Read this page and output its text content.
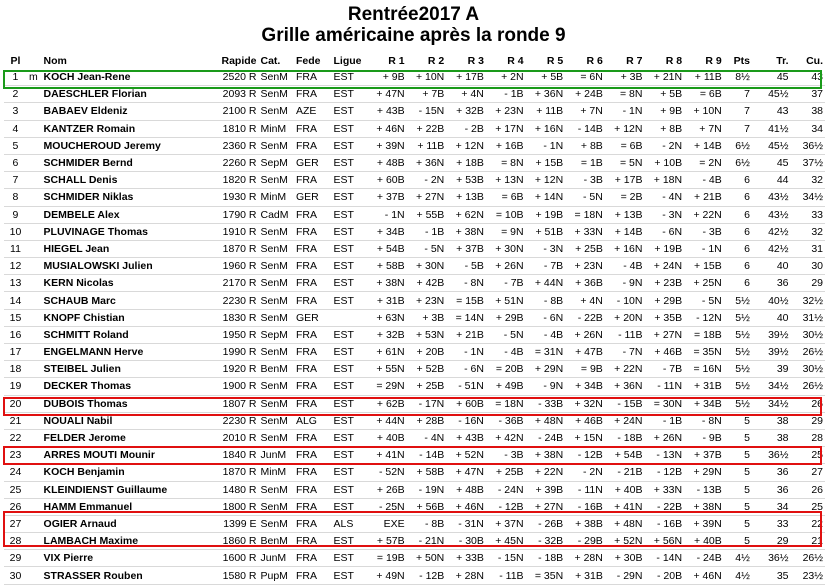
Rentrée2017 A
Grille américaine après la ronde 9
Pl		Nom	Rapide	Cat.	Fede	Ligue	R 1	R 2	R 3	R 4	R 5	R 6	R 7	R 8	R 9	Pts	Tr.	Cu.
1	m	KOCH Jean-Rene	2520 R	SenM	FRA	EST	+ 9B	+ 10N	+ 17B	+ 2N	+ 5B	= 6N	+ 3B	+ 21N	+ 11B	8½	45	43
2		DAESCHLER Florian	2093 R	SenM	FRA	EST	+ 47N	+ 7B	+ 4N	- 1B	+ 36N	+ 24B	= 8N	+ 5B	= 6B	7	45½	37
3		BABAEV Eldeniz	2100 R	SenM	AZE	EST	+ 43B	- 15N	+ 32B	+ 23N	+ 11B	+ 7N	- 1N	+ 9B	+ 10N	7	43	38
4		KANTZER Romain	1810 R	MinM	FRA	EST	+ 46N	+ 22B	- 2B	+ 17N	+ 16N	- 14B	+ 12N	+ 8B	+ 7N	7	41½	34
5		MOUCHEROUD Jeremy	2360 R	SenM	FRA	EST	+ 39N	+ 11B	+ 12N	+ 16B	- 1N	+ 8B	= 6B	- 2N	+ 14B	6½	45½	36½
6		SCHMIDER Bernd	2260 R	SepM	GER	EST	+ 48B	+ 36N	+ 18B	= 8N	+ 15B	= 1B	= 5N	+ 10B	= 2N	6½	45	37½
7		SCHALL Denis	1820 R	SenM	FRA	EST	+ 60B	- 2N	+ 53B	+ 13N	+ 12N	- 3B	+ 17B	+ 18N	- 4B	6	44	32
8		SCHMIDER Niklas	1930 R	MinM	GER	EST	+ 37B	+ 27N	+ 13B	= 6B	+ 14N	- 5N	= 2B	- 4N	+ 21B	6	43½	34½
9		DEMBELE Alex	1790 R	CadM	FRA	EST	- 1N	+ 55B	+ 62N	= 10B	+ 19B	= 18N	+ 13B	- 3N	+ 22N	6	43½	33
10		PLUVINAGE Thomas	1910 R	SenM	FRA	EST	+ 34B	- 1B	+ 38N	= 9N	+ 51B	+ 33N	+ 14B	- 6N	- 3B	6	42½	32
11		HIEGEL Jean	1870 R	SenM	FRA	EST	+ 54B	- 5N	+ 37B	+ 30N	- 3N	+ 25B	+ 16N	+ 19B	- 1N	6	42½	31
12		MUSIALOWSKI Julien	1960 R	SenM	FRA	EST	+ 58B	+ 30N	- 5B	+ 26N	- 7B	+ 23N	- 4B	+ 24N	+ 15B	6	40	30
13		KERN Nicolas	2170 R	SenM	FRA	EST	+ 38N	+ 42B	- 8N	- 7B	+ 44N	+ 36B	- 9N	+ 23B	+ 25N	6	36	29
14		SCHAUB Marc	2230 R	SenM	FRA	EST	+ 31B	+ 23N	= 15B	+ 51N	- 8B	+ 4N	- 10N	+ 29B	- 5N	5½	40½	32½
15		KNOPF Chistian	1830 R	SenM	GER		+ 63N	+ 3B	= 14N	+ 29B	- 6N	- 22B	+ 20N	+ 35B	- 12N	5½	40	31½
16		SCHMITT Roland	1950 R	SepM	FRA	EST	+ 32B	+ 53N	+ 21B	- 5N	- 4B	+ 26N	- 11B	+ 27N	= 18B	5½	39½	30½
17		ENGELMANN Herve	1990 R	SenM	FRA	EST	+ 61N	+ 20B	- 1N	- 4B	= 31N	+ 47B	- 7N	+ 46B	= 35N	5½	39½	26½
18		STEIBEL Julien	1920 R	BenM	FRA	EST	+ 55N	+ 52B	- 6N	= 20B	+ 29N	= 9B	+ 22N	- 7B	= 16N	5½	39	30½
19		DECKER Thomas	1900 R	SenM	FRA	EST	= 29N	+ 25B	- 51N	+ 49B	- 9N	+ 34B	+ 36N	- 11N	+ 31B	5½	34½	26½
20		DUBOIS Thomas	1807 R	SenM	FRA	EST	+ 62B	- 17N	+ 60B	= 18N	- 33B	+ 32N	- 15B	= 30N	+ 34B	5½	34½	26
21		NOUALI Nabil	2230 R	SenM	ALG	EST	+ 44N	+ 28B	- 16N	- 36B	+ 48N	+ 46B	+ 24N	- 1B	- 8N	5	38	29
22		FELDER Jerome	2010 R	SenM	FRA	EST	+ 40B	- 4N	+ 43B	+ 42N	- 24B	+ 15N	- 18B	+ 26N	- 9B	5	38	28
23		ARRES MOUTI Mounir	1840 R	JunM	FRA	EST	+ 41N	- 14B	+ 52N	- 3B	+ 38N	- 12B	+ 54B	- 13N	+ 37B	5	36½	25
24		KOCH Benjamin	1870 R	MinM	FRA	EST	- 52N	+ 58B	+ 47N	+ 25B	+ 22N	- 2N	- 21B	- 12B	+ 29N	5	36	27
25		KLEINDIENST Guillaume	1480 R	SenM	FRA	EST	+ 26B	- 19N	+ 48B	- 24N	+ 39B	- 11N	+ 40B	+ 33N	- 13B	5	36	26
26		HAMM Emmanuel	1800 R	SenM	FRA	EST	- 25N	+ 56B	+ 46N	- 12B	+ 27N	- 16B	+ 41N	- 22B	+ 38N	5	34	25
27		OGIER Arnaud	1399 E	SenM	FRA	ALS	EXE	- 8B	- 31N	+ 37N	- 26B	+ 38B	+ 48N	- 16B	+ 39N	5	33	22
28		LAMBACH Maxime	1860 R	BenM	FRA	EST	+ 57B	- 21N	- 30B	+ 45N	- 32B	- 29B	+ 52N	+ 56N	+ 40B	5	29	21
29		VIX Pierre	1600 R	JunM	FRA	EST	= 19B	+ 50N	+ 33B	- 15N	- 18B	+ 28N	+ 30B	- 14N	- 24B	4½	36½	26½
30		STRASSER Rouben	1580 R	PupM	FRA	EST	+ 49N	- 12B	+ 28N	- 11B	= 35N	+ 31B	- 29N	- 20B	+ 46N	4½	35	23½
